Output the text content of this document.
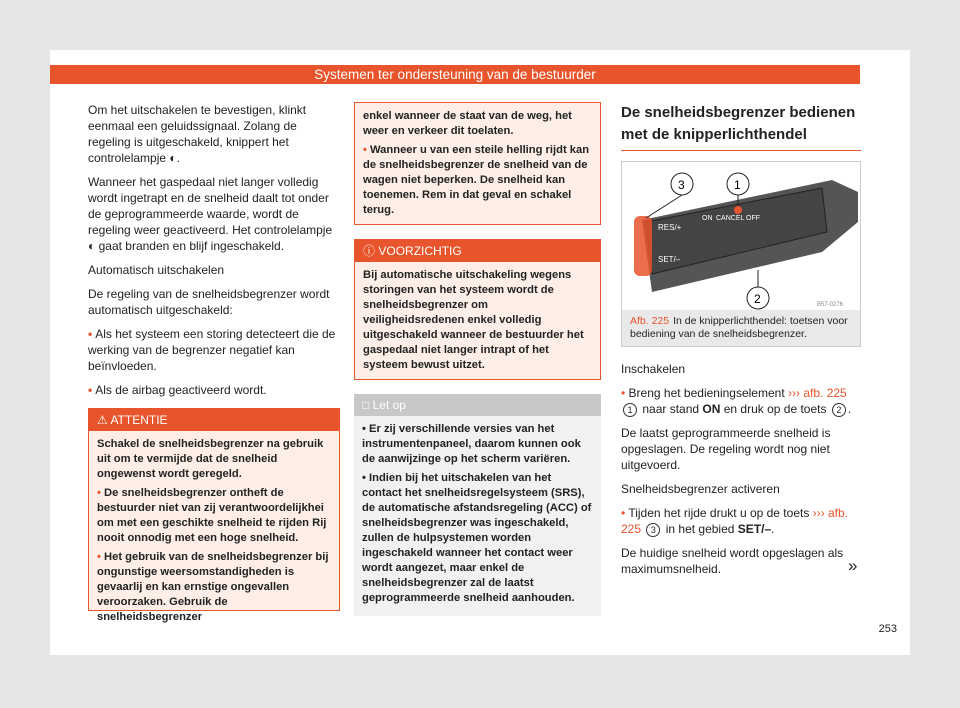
Systemen ter ondersteuning van de bestuurder

Om het uitschakelen te bevestigen, klinkt eenmaal een geluidssignaal. Zolang de regeling is uitgeschakeld, knippert het controlelampje ◐.

Wanneer het gaspedaal niet langer volledig wordt ingetrapt en de snelheid daalt tot onder de geprogrammeerde waarde, wordt de regeling weer geactiveerd. Het controlelampje ◐ gaat branden en blijf ingeschakeld.

Automatisch uitschakelen

De regeling van de snelheidsbegrenzer wordt automatisch uitgeschakeld:

• Als het systeem een storing detecteert die de werking van de begrenzer negatief kan beïnvloeden.

• Als de airbag geactiveerd wordt.

⚠ ATTENTIE

Schakel de snelheidsbegrenzer na gebruik uit om te vermijde dat de snelheid ongewenst wordt geregeld.

• De snelheidsbegrenzer ontheft de bestuurder niet van zij verantwoordelijkhei om met een geschikte snelheid te rijden Rij nooit onnodig met een hoge snelheid.

• Het gebruik van de snelheidsbegrenzer bij ongunstige weersomstandigheden is gevaarlij en kan ernstige ongevallen veroorzaken. Gebruik de snelheidsbegrenzer

enkel wanneer de staat van de weg, het weer en verkeer dit toelaten.

• Wanneer u van een steile helling rijdt kan de snelheidsbegrenzer de snelheid van de wagen niet beperken. De snelheid kan toenemen. Rem in dat geval en schakel terug.

ⓘ VOORZICHTIG
Bij automatische uitschakeling wegens storingen van het systeem wordt de snelheidsbegrenzer om veiligheidsredenen enkel volledig uitgeschakeld wanneer de bestuurder het gaspedaal niet langer intrapt of het systeem bewust uitzet.
□ Let op

• Er zij verschillende versies van het instrumentenpaneel, daarom kunnen ook de aanwijzinge op het scherm variëren.

• Indien bij het uitschakelen van het contact het snelheidsregelsysteem (SRS), de automatische afstandsregeling (ACC) of snelheidsbegrenzer was ingeschakeld, zullen de hulpsystemen worden ingeschakeld wanneer het contact weer wordt aangezet, maar enkel de snelheidsbegrenzer zal de laatst geprogrammeerde snelheid aanhouden.

De snelheidsbegrenzer bedienen met de knipperlichthendel
RES/+
ON CANCEL OFF
SET/–
MODE
3	1
2	B57-0276
Afb. 225 In de knipperlichthendel: toetsen voor bediening van de snelheidsbegrenzer.

Inschakelen

• Breng het bedieningselement ››› afb. 225 1 naar stand ON en druk op de toets 2 .

De laatst geprogrammeerde snelheid is opgeslagen. De regeling wordt nog niet uitgevoerd.

Snelheidsbegrenzer activeren

• Tijden het rijde drukt u op de toets ››› afb. 225 3 in het gebied SET/–.

De huidige snelheid wordt opgeslagen als maximumsnelheid.	»
253
